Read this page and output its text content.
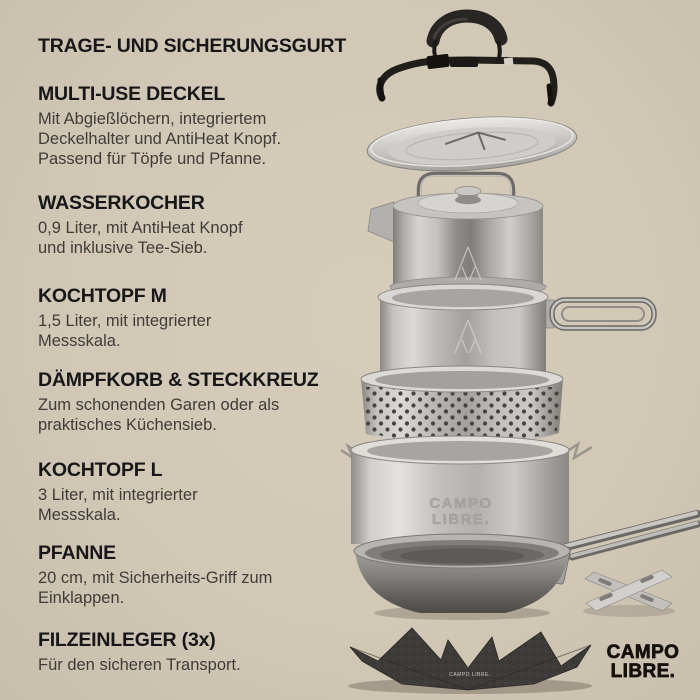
CAMPO
LIBRE.
CAMPO LIBRE.
TRAGE- UND SICHERUNGSGURT
MULTI-USE DECKEL

Mit Abgießlöchern, integriertem

Deckelhalter und AntiHeat Knopf.

Passend für Töpfe und Pfanne.

WASSERKOCHER

0,9 Liter, mit AntiHeat Knopf

und inklusive Tee-Sieb.

KOCHTOPF M

1,5 Liter, mit integrierter

Messskala.

DÄMPFKORB & STECKKREUZ

Zum schonenden Garen oder als

praktisches Küchensieb.

KOCHTOPF L

3 Liter, mit integrierter

Messskala.

PFANNE

20 cm, mit Sicherheits-Griff zum

Einklappen.

FILZEINLEGER (3x)

Für den sicheren Transport.

CAMPO
LIBRE.
